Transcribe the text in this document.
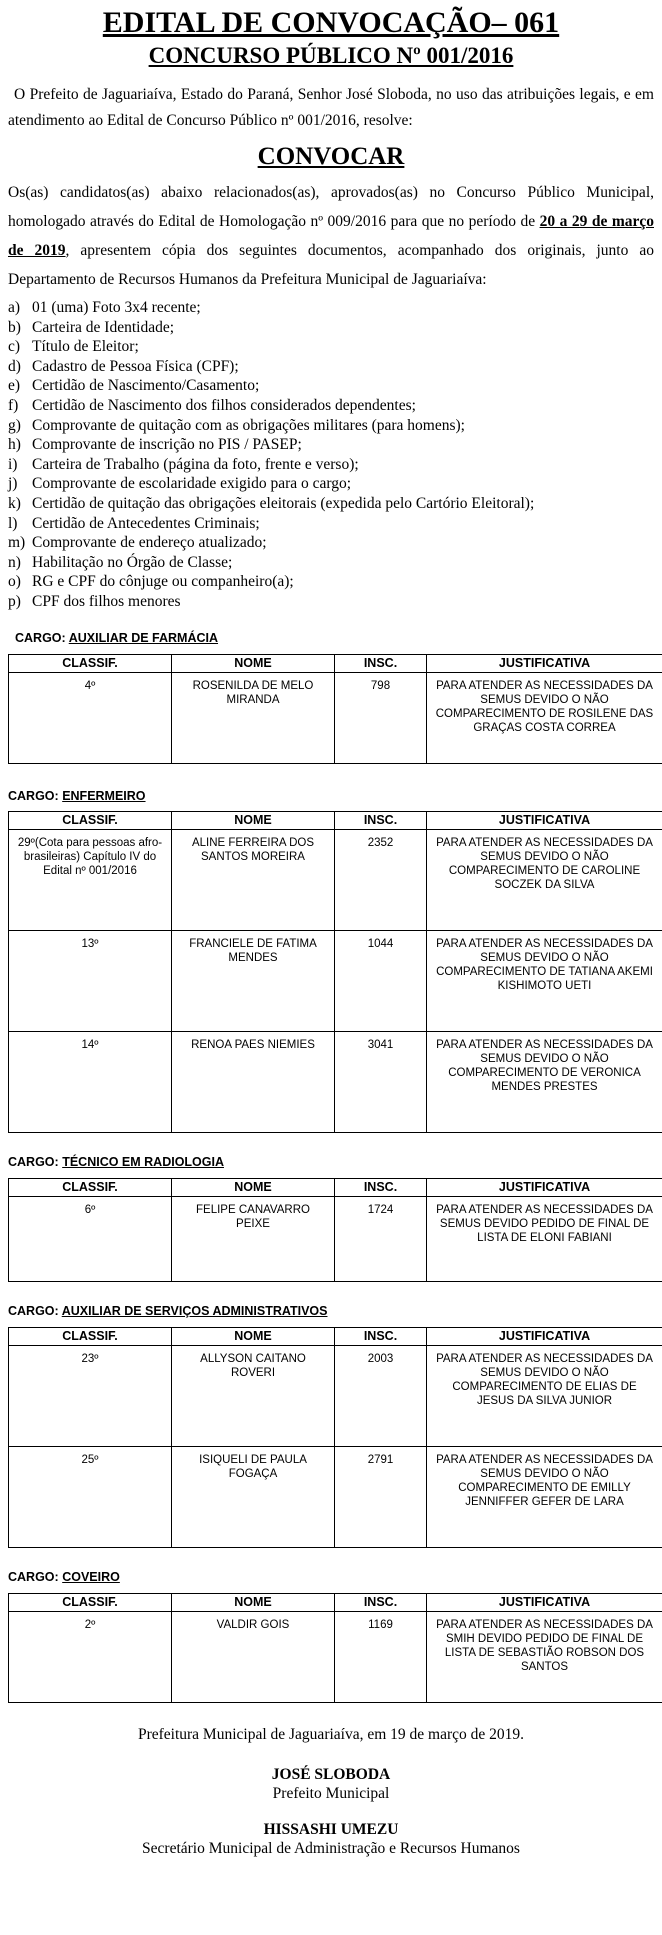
EDITAL DE CONVOCAÇÃO– 061
CONCURSO PÚBLICO Nº 001/2016

O Prefeito de Jaguariaíva, Estado do Paraná, Senhor José Sloboda, no uso das atribuições legais, e em atendimento ao Edital de Concurso Público nº 001/2016, resolve:

CONVOCAR

Os(as) candidatos(as) abaixo relacionados(as), aprovados(as) no Concurso Público Municipal, homologado através do Edital de Homologação nº 009/2016 para que no período de 20 a 29 de março de 2019, apresentem cópia dos seguintes documentos, acompanhado dos originais, junto ao Departamento de Recursos Humanos da Prefeitura Municipal de Jaguariaíva:

a) 01 (uma) Foto 3x4 recente;
b) Carteira de Identidade;
c) Título de Eleitor;
d) Cadastro de Pessoa Física (CPF);
e) Certidão de Nascimento/Casamento;
f) Certidão de Nascimento dos filhos considerados dependentes;
g) Comprovante de quitação com as obrigações militares (para homens);
h) Comprovante de inscrição no PIS / PASEP;
i) Carteira de Trabalho (página da foto, frente e verso);
j) Comprovante de escolaridade exigido para o cargo;
k) Certidão de quitação das obrigações eleitorais (expedida pelo Cartório Eleitoral);
l) Certidão de Antecedentes Criminais;
m) Comprovante de endereço atualizado;
n) Habilitação no Órgão de Classe;
o) RG e CPF do cônjuge ou companheiro(a);
p) CPF dos filhos menores

CARGO: AUXILIAR DE FARMÁCIA

CLASSIF.	NOME	INSC.	JUSTIFICATIVA
4º	ROSENILDA DE MELO MIRANDA	798	PARA ATENDER AS NECESSIDADES DA SEMUS DEVIDO O NÃO COMPARECIMENTO DE ROSILENE DAS GRAÇAS COSTA CORREA

CARGO: ENFERMEIRO

CLASSIF.	NOME	INSC.	JUSTIFICATIVA
29º(Cota para pessoas afro-brasileiras) Capítulo IV do Edital nº 001/2016	ALINE FERREIRA DOS SANTOS MOREIRA	2352	PARA ATENDER AS NECESSIDADES DA SEMUS DEVIDO O NÃO COMPARECIMENTO DE CAROLINE SOCZEK DA SILVA
13º	FRANCIELE DE FATIMA MENDES	1044	PARA ATENDER AS NECESSIDADES DA SEMUS DEVIDO O NÃO COMPARECIMENTO DE TATIANA AKEMI KISHIMOTO UETI
14º	RENOA PAES NIEMIES	3041	PARA ATENDER AS NECESSIDADES DA SEMUS DEVIDO O NÃO COMPARECIMENTO DE VERONICA MENDES PRESTES

CARGO: TÉCNICO EM RADIOLOGIA

CLASSIF.	NOME	INSC.	JUSTIFICATIVA
6º	FELIPE CANAVARRO PEIXE	1724	PARA ATENDER AS NECESSIDADES DA SEMUS DEVIDO PEDIDO DE FINAL DE LISTA DE ELONI FABIANI

CARGO: AUXILIAR DE SERVIÇOS ADMINISTRATIVOS

CLASSIF.	NOME	INSC.	JUSTIFICATIVA
23º	ALLYSON CAITANO ROVERI	2003	PARA ATENDER AS NECESSIDADES DA SEMUS DEVIDO O NÃO COMPARECIMENTO DE ELIAS DE JESUS DA SILVA JUNIOR
25º	ISIQUELI DE PAULA FOGAÇA	2791	PARA ATENDER AS NECESSIDADES DA SEMUS DEVIDO O NÃO COMPARECIMENTO DE EMILLY JENNIFFER GEFER DE LARA

CARGO: COVEIRO

CLASSIF.	NOME	INSC.	JUSTIFICATIVA
2º	VALDIR GOIS	1169	PARA ATENDER AS NECESSIDADES DA SMIH DEVIDO PEDIDO DE FINAL DE LISTA DE SEBASTIÃO ROBSON DOS SANTOS
Prefeitura Municipal de Jaguariaíva, em 19 de março de 2019.
JOSÉ SLOBODA
Prefeito Municipal
HISSASHI UMEZU
Secretário Municipal de Administração e Recursos Humanos
